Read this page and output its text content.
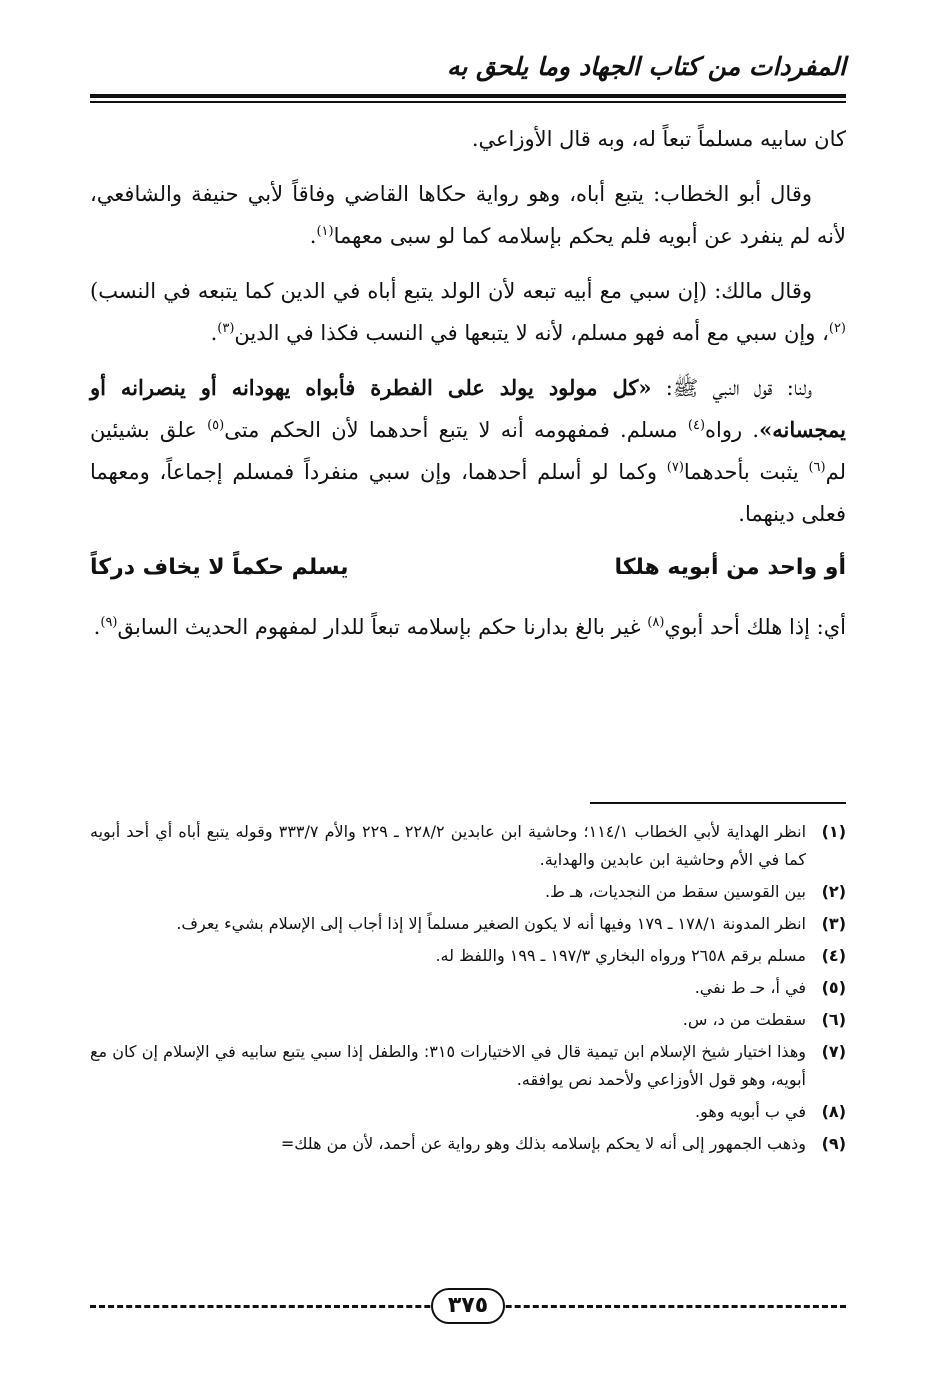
المفردات من كتاب الجهاد وما يلحق به

كان سابيه مسلماً تبعاً له، وبه قال الأوزاعي.

وقال أبو الخطاب: يتبع أباه، وهو رواية حكاها القاضي وفاقاً لأبي حنيفة والشافعي، لأنه لم ينفرد عن أبويه فلم يحكم بإسلامه كما لو سبى معهما$^{(١)}$.

وقال مالك: (إن سبي مع أبيه تبعه لأن الولد يتبع أباه في الدين كما يتبعه في النسب)$^{(٢)}$، وإن سبي مع أمه فهو مسلم، لأنه لا يتبعها في النسب فكذا في الدين$^{(٣)}$.

ولنا: قول النبي ﷺ: «كل مولود يولد على الفطرة فأبواه يهودانه أو ينصرانه أو يمجسانه». رواه$^{(٤)}$ مسلم. فمفهومه أنه لا يتبع أحدهما لأن الحكم متى$^{(٥)}$ علق بشيئين لم$^{(٦)}$ يثبت بأحدهما$^{(٧)}$ وكما لو أسلم أحدهما، وإن سبي منفرداً فمسلم إجماعاً، ومعهما فعلى دينهما.

أو واحد من أبويه هلكا
يسلم حكماً لا يخاف دركاً

أي: إذا هلك أحد أبوي$^{(٨)}$ غير بالغ بدارنا حكم بإسلامه تبعاً للدار لمفهوم الحديث السابق$^{(٩)}$.

(١)
انظر الهداية لأبي الخطاب ١١٤/١؛ وحاشية ابن عابدين ٢٢٨/٢ ـ ٢٢٩ والأم ٣٣٣/٧ وقوله يتبع أباه أي أحد أبويه كما في الأم وحاشية ابن عابدين والهداية.
(٢)
بين القوسين سقط من النجديات، هـ ط.
(٣)
انظر المدونة ١٧٨/١ ـ ١٧٩ وفيها أنه لا يكون الصغير مسلماً إلا إذا أجاب إلى الإسلام بشيء يعرف.
(٤)
مسلم برقم ٢٦٥٨ ورواه البخاري ١٩٧/٣ ـ ١٩٩ واللفظ له.
(٥)
في أ، حـ ط نفي.
(٦)
سقطت من د، س.
(٧)
وهذا اختيار شيخ الإسلام ابن تيمية قال في الاختيارات ٣١٥: والطفل إذا سبي يتبع سابيه في الإسلام إن كان مع أبويه، وهو قول الأوزاعي ولأحمد نص يوافقه.
(٨)
في ب أبويه وهو.
(٩)
وذهب الجمهور إلى أنه لا يحكم بإسلامه بذلك وهو رواية عن أحمد، لأن من هلك=
٣٧٥
